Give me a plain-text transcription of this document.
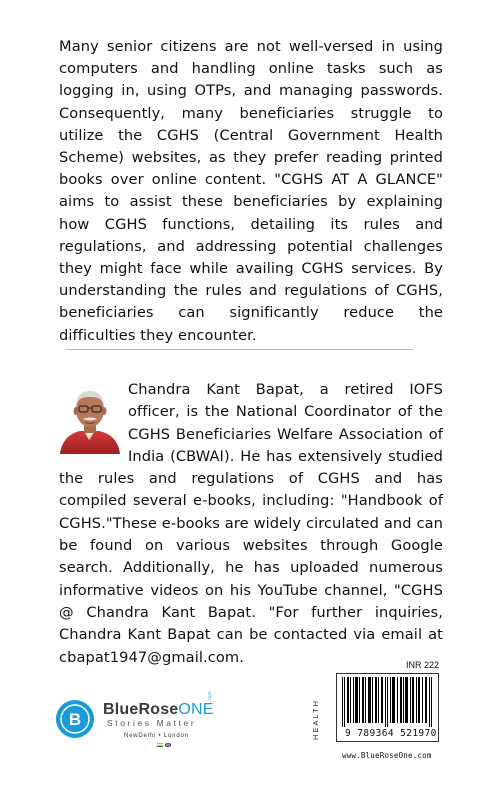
Many senior citizens are not well-versed in using computers and handling online tasks such as logging in, using OTPs, and managing passwords. Consequently, many beneficiaries struggle to utilize the CGHS (Central Government Health Scheme) websites, as they prefer reading printed books over online content. "CGHS AT A GLANCE" aims to assist these beneficiaries by explaining how CGHS functions, detailing its rules and regulations, and addressing potential challenges they might face while availing CGHS services. By understanding the rules and regulations of CGHS, beneficiaries can significantly reduce the difficulties they encounter.
Chandra Kant Bapat, a retired IOFS officer, is the National Coordinator of the CGHS Beneficiaries Welfare Association of India (CBWAI). He has extensively studied the rules and regulations of CGHS and has compiled several e-books, including: "Handbook of CGHS."These e-books are widely circulated and can be found on various websites through Google search. Additionally, he has uploaded numerous informative videos on his YouTube channel, "CGHS @ Chandra Kant Bapat. "For further inquiries, Chandra Kant Bapat can be contacted via email at cbapat1947@gmail.com.
B
BlueRoseONE
.com
Stories Matter
NewDelhi • London
INR 222
HEALTH	9 789364 521970
www.BlueRoseOne.com
